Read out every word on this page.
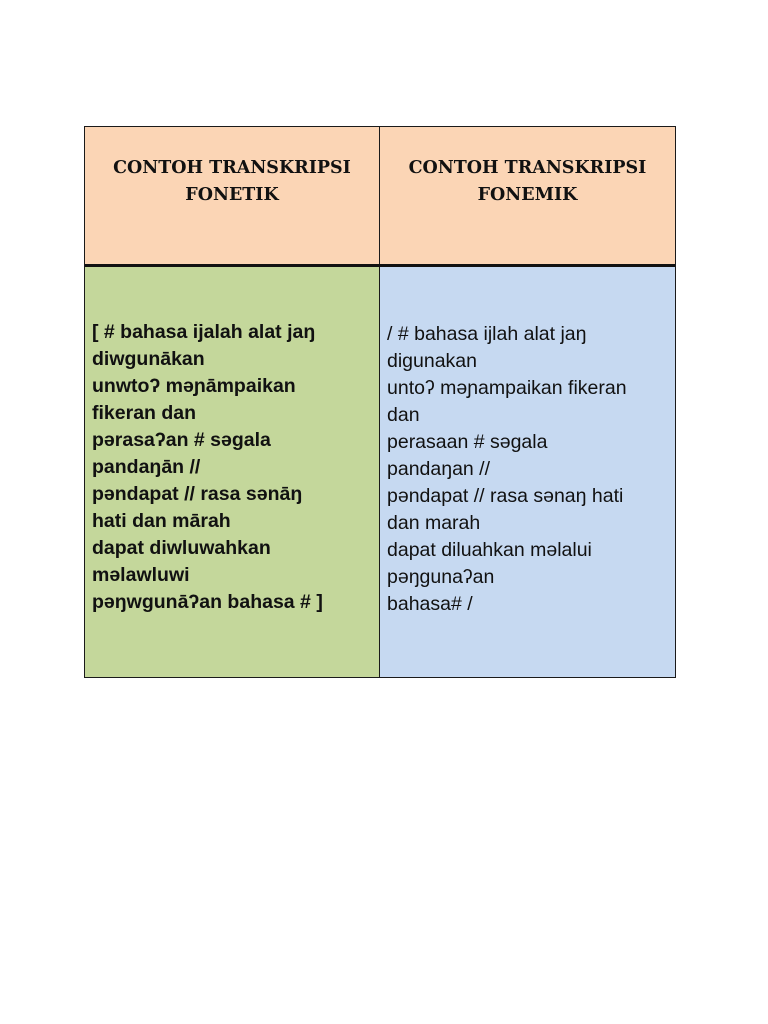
CONTOH TRANSKRIPSI
FONETIK
CONTOH TRANSKRIPSI
FONEMIK
[ # bahasa ijalah alat jaŋ
diwgunākan
unwtoʔ məɲāmpaikan
fikeran dan
pərasaʔan # səgala
pandaŋān //
pəndapat // rasa sənāŋ
hati dan mārah
dapat diwluwahkan
məlawluwi
pəŋwgunāʔan bahasa # ]
/ # bahasa ijlah alat jaŋ
digunakan
untoʔ məɲampaikan fikeran
dan
perasaan # səgala
pandaŋan //
pəndapat // rasa sənaŋ hati
dan marah
dapat diluahkan məlalui
pəŋgunaʔan
bahasa# /
